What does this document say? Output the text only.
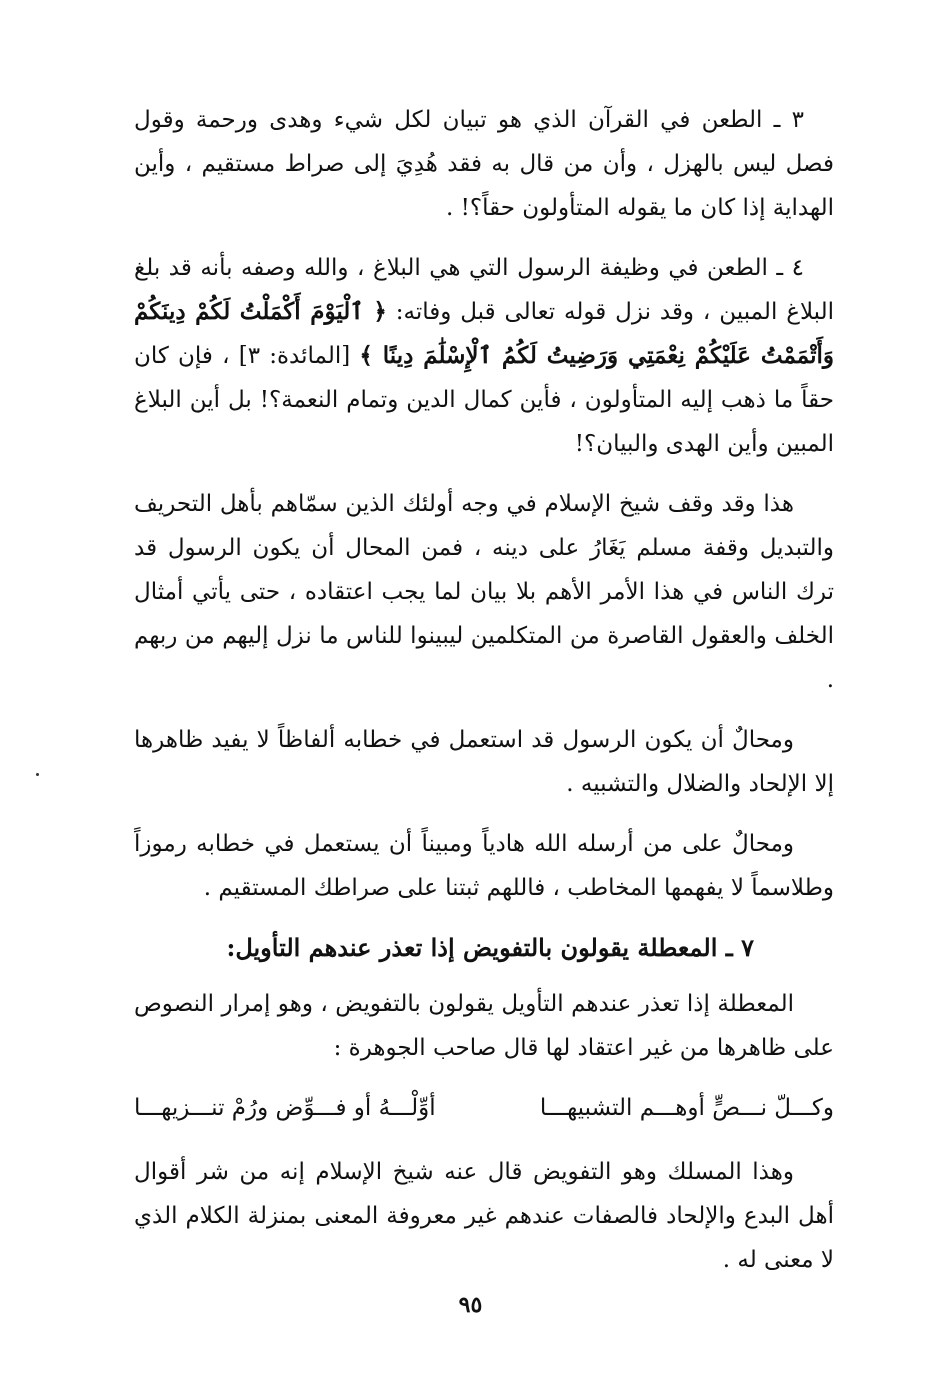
٣ ـ الطعن في القرآن الذي هو تبيان لكل شيء وهدى ورحمة وقول فصل ليس بالهزل ، وأن من قال به فقد هُدِيَ إلى صراط مستقيم ، وأين الهداية إذا كان ما يقوله المتأولون حقاً؟! .

٤ ـ الطعن في وظيفة الرسول التي هي البلاغ ، والله وصفه بأنه قد بلغ البلاغ المبين ، وقد نزل قوله تعالى قبل وفاته: ﴿ ٱلْيَوْمَ أَكْمَلْتُ لَكُمْ دِينَكُمْ وَأَتْمَمْتُ عَلَيْكُمْ نِعْمَتِي وَرَضِيتُ لَكُمُ ٱلْإِسْلَٰمَ دِينًا ﴾ [المائدة: ٣] ، فإن كان حقاً ما ذهب إليه المتأولون ، فأين كمال الدين وتمام النعمة؟! بل أين البلاغ المبين وأين الهدى والبيان؟!

هذا وقد وقف شيخ الإسلام في وجه أولئك الذين سمّاهم بأهل التحريف والتبديل وقفة مسلم يَغَارُ على دينه ، فمن المحال أن يكون الرسول قد ترك الناس في هذا الأمر الأهم بلا بيان لما يجب اعتقاده ، حتى يأتي أمثال الخلف والعقول القاصرة من المتكلمين ليبينوا للناس ما نزل إليهم من ربهم .

ومحالٌ أن يكون الرسول قد استعمل في خطابه ألفاظاً لا يفيد ظاهرها إلا الإلحاد والضلال والتشبيه .

ومحالٌ على من أرسله الله هادياً ومبيناً أن يستعمل في خطابه رموزاً وطلاسماً لا يفهمها المخاطب ، فاللهم ثبتنا على صراطك المستقيم .

٧ ـ المعطلة يقولون بالتفويض إذا تعذر عندهم التأويل:

المعطلة إذا تعذر عندهم التأويل يقولون بالتفويض ، وهو إمرار النصوص على ظاهرها من غير اعتقاد لها قال صاحب الجوهرة :

وكـــلّ نـــصٍّ أوهـــم التشبيهـــا
أوِّلْـــهُ أو فـــوِّض ورُمْ تنـــزيهـــا

وهذا المسلك وهو التفويض قال عنه شيخ الإسلام إنه من شر أقوال أهل البدع والإلحاد فالصفات عندهم غير معروفة المعنى بمنزلة الكلام الذي لا معنى له .

٩٥
